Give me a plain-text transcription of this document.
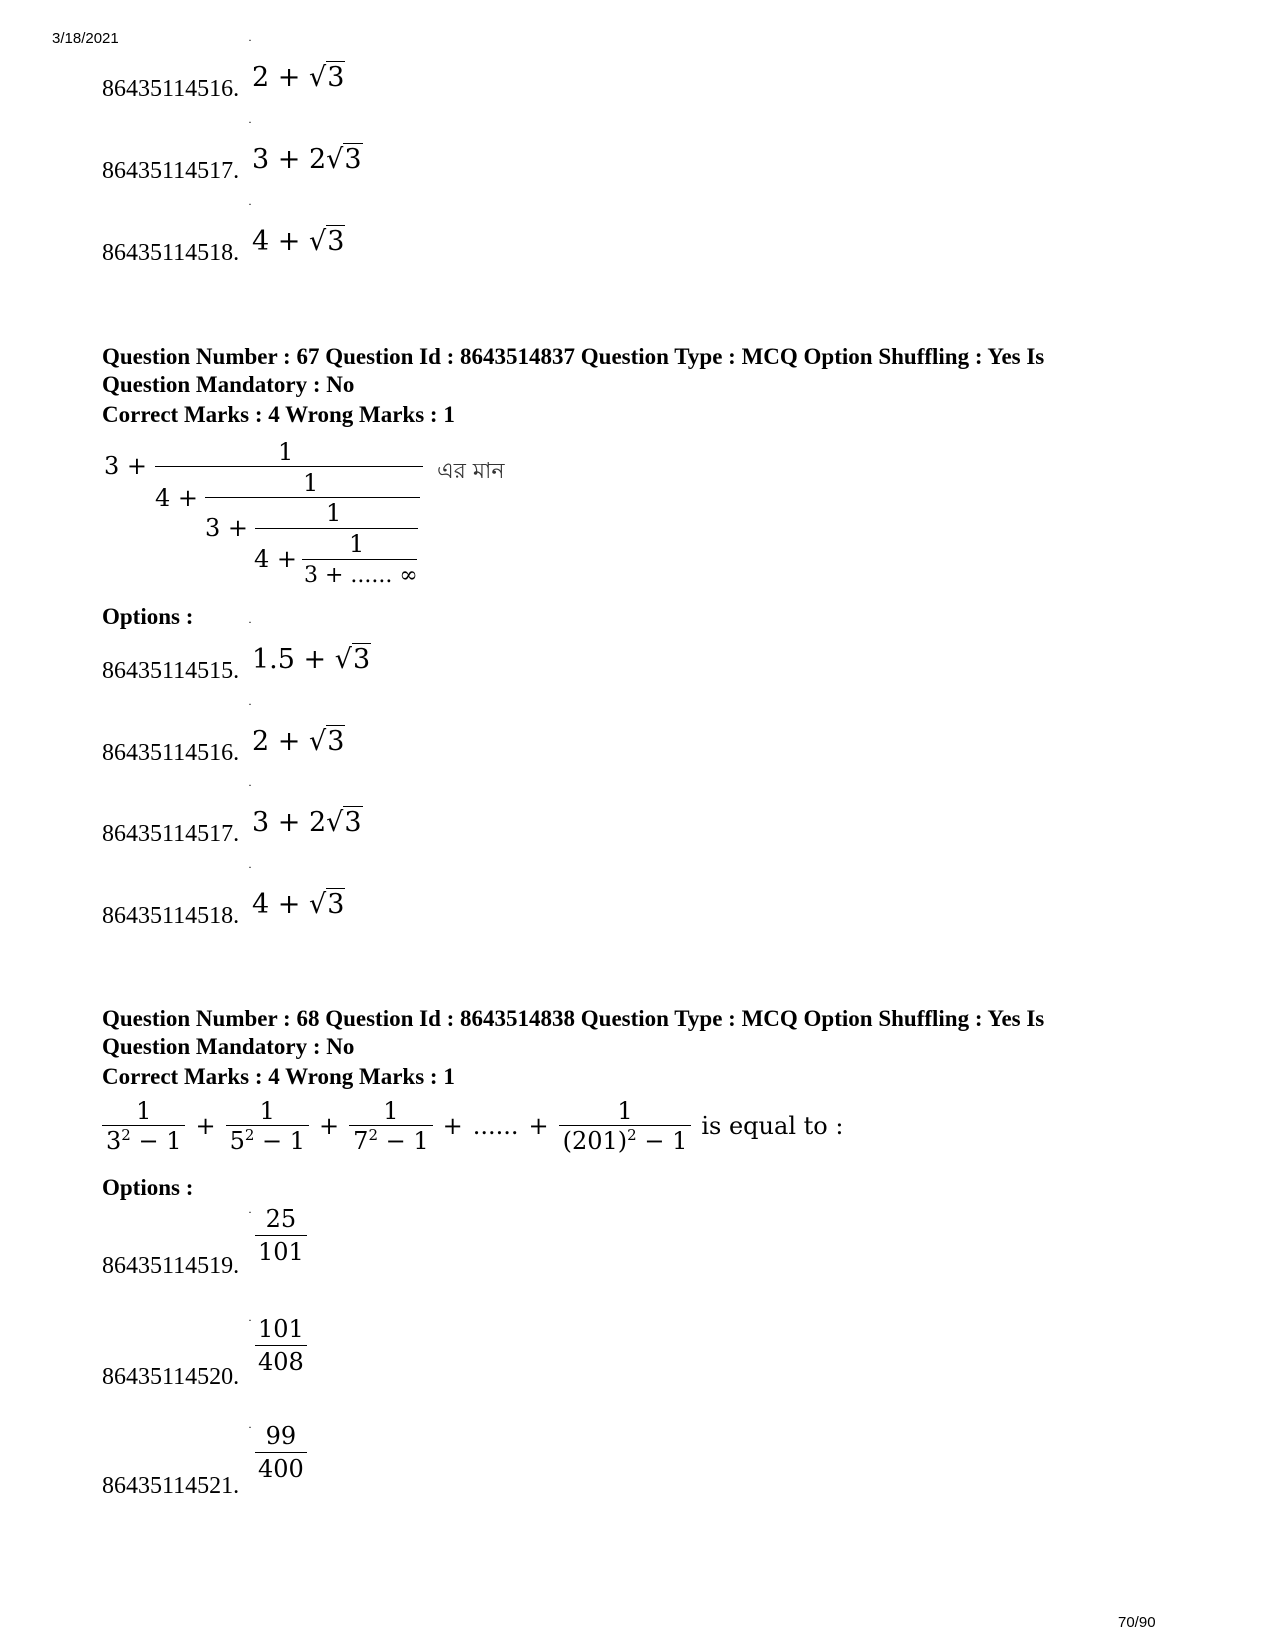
3/18/2021
70/90
·
86435114516. 2 + √3
·
86435114517. 3 + 2√3
·
86435114518. 4 + √3
Question Number : 67 Question Id : 8643514837 Question Type : MCQ Option Shuffling : Yes Is
Question Mandatory : No
Correct Marks : 4 Wrong Marks : 1
3 +	1
এর মান
4 +
1
3 +
1
4 +
1
3 + ...... ∞
Options :	·
86435114515. 1.5 + √3
·
86435114516. 2 + √3
·
86435114517. 3 + 2√3
·
86435114518. 4 + √3
Question Number : 68 Question Id : 8643514838 Question Type : MCQ Option Shuffling : Yes Is
Question Mandatory : No
Correct Marks : 4 Wrong Marks : 1
$\frac{1}{3^2 - 1} + \frac{1}{5^2 - 1} + \frac{1}{7^2 - 1}$ + ...... + $\frac{1}{(201)^2 - 1}$ is equal to :
Options :
·
86435114519.
25
101
·
86435114520.
101
408
·
86435114521.
99
400
